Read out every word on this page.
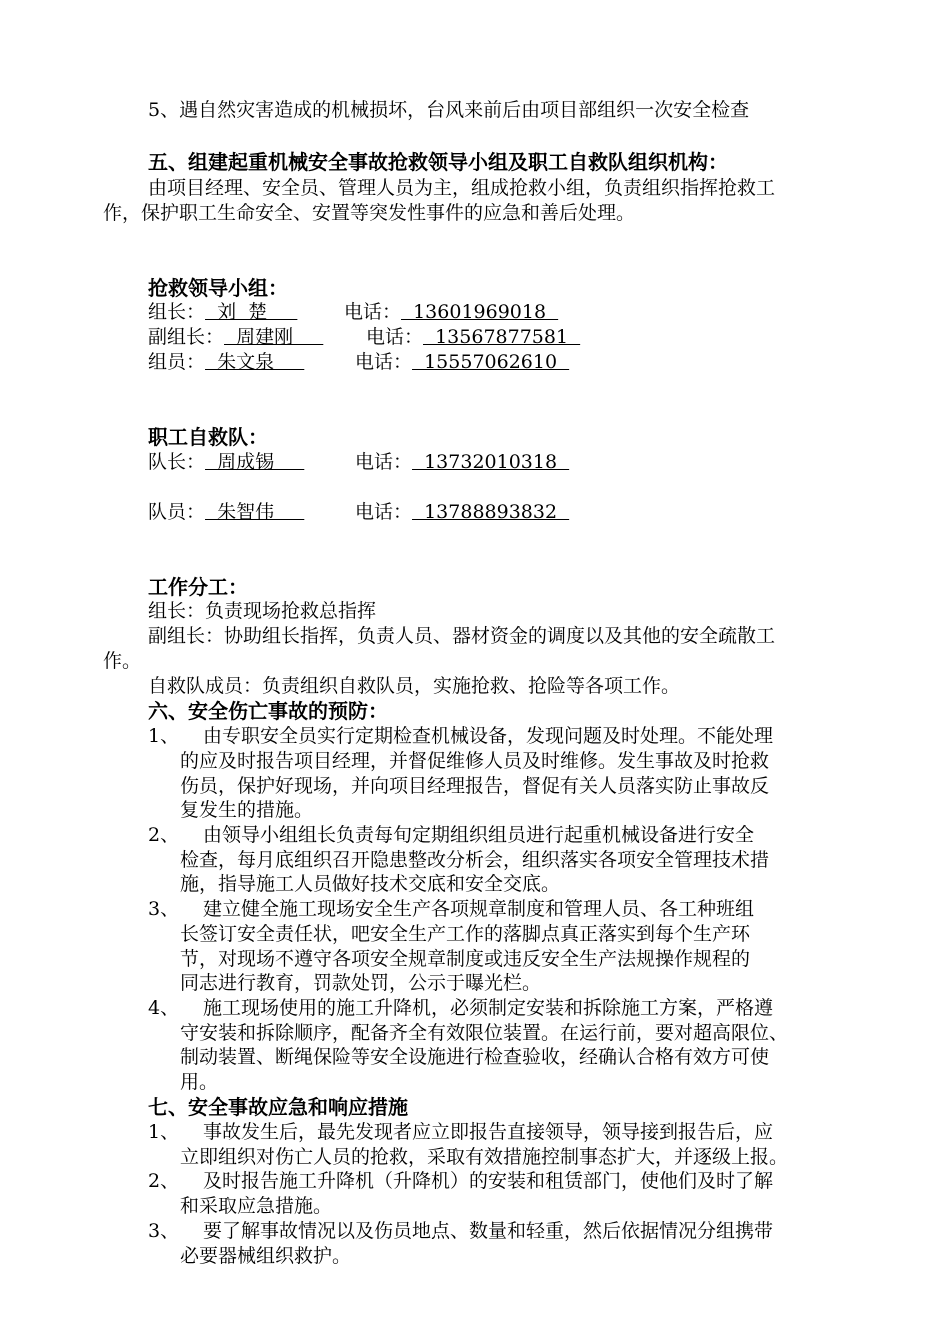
5、遇自然灾害造成的机械损坏，台风来前后由项目部组织一次安全检查
五、组建起重机械安全事故抢救领导小组及职工自救队组织机构：
由项目经理、安全员、管理人员为主，组成抢救小组，负责组织指挥抢救工
作，保护职工生命安全、安置等突发性事件的应急和善后处理。
抢救领导小组：
组长：  刘  楚 电话：  13601969018
副组长：  周建刚 电话：  13567877581
组员：  朱文泉	电话：  15557062610
职工自救队：
队长：  周成锡	电话：  13732010318
队员：  朱智伟	电话：  13788893832
工作分工：
组长：负责现场抢救总指挥
副组长：协助组长指挥，负责人员、器材资金的调度以及其他的安全疏散工
作。
自救队成员：负责组织自救队员，实施抢救、抢险等各项工作。
六、安全伤亡事故的预防：
1、 由专职安全员实行定期检查机械设备，发现问题及时处理。不能处理
的应及时报告项目经理，并督促维修人员及时维修。发生事故及时抢救
伤员，保护好现场，并向项目经理报告，督促有关人员落实防止事故反
复发生的措施。
2、 由领导小组组长负责每旬定期组织组员进行起重机械设备进行安全
检查，每月底组织召开隐患整改分析会，组织落实各项安全管理技术措
施，指导施工人员做好技术交底和安全交底。
3、 建立健全施工现场安全生产各项规章制度和管理人员、各工种班组
长签订安全责任状，吧安全生产工作的落脚点真正落实到每个生产环
节，对现场不遵守各项安全规章制度或违反安全生产法规操作规程的
同志进行教育，罚款处罚，公示于曝光栏。
4、 施工现场使用的施工升降机，必须制定安装和拆除施工方案，严格遵
守安装和拆除顺序，配备齐全有效限位装置。在运行前，要对超高限位、
制动装置、断绳保险等安全设施进行检查验收，经确认合格有效方可使
用。
七、安全事故应急和响应措施
1、 事故发生后，最先发现者应立即报告直接领导，领导接到报告后，应
立即组织对伤亡人员的抢救，采取有效措施控制事态扩大，并逐级上报。
2、 及时报告施工升降机（升降机）的安装和租赁部门，使他们及时了解
和采取应急措施。
3、 要了解事故情况以及伤员地点、数量和轻重，然后依据情况分组携带
必要器械组织救护。
